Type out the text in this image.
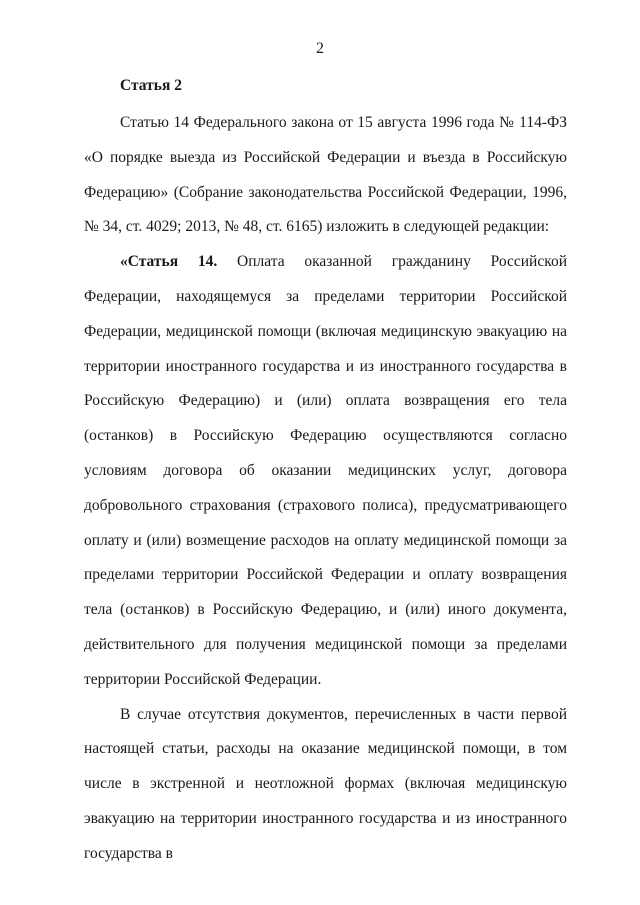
2
Статья 2

Статью 14 Федерального закона от 15 августа 1996 года № 114-ФЗ «О порядке выезда из Российской Федерации и въезда в Российскую Федерацию» (Собрание законодательства Российской Федерации, 1996, № 34, ст. 4029; 2013, № 48, ст. 6165) изложить в следующей редакции:

«Статья 14. Оплата оказанной гражданину Российской Федерации, находящемуся за пределами территории Российской Федерации, медицинской помощи (включая медицинскую эвакуацию на территории иностранного государства и из иностранного государства в Российскую Федерацию) и (или) оплата возвращения его тела (останков) в Российскую Федерацию осуществляются согласно условиям договора об оказании медицинских услуг, договора добровольного страхования (страхового полиса), предусматривающего оплату и (или) возмещение расходов на оплату медицинской помощи за пределами территории Российской Федерации и оплату возвращения тела (останков) в Российскую Федерацию, и (или) иного документа, действительного для получения медицинской помощи за пределами территории Российской Федерации.

В случае отсутствия документов, перечисленных в части первой настоящей статьи, расходы на оказание медицинской помощи, в том числе в экстренной и неотложной формах (включая медицинскую эвакуацию на территории иностранного государства и из иностранного государства в
